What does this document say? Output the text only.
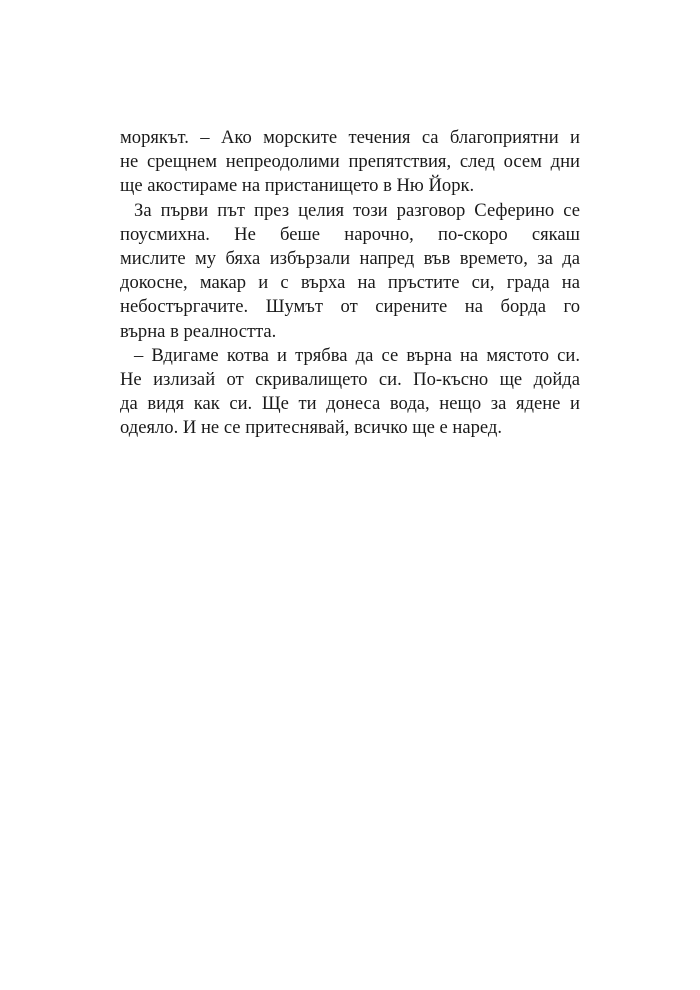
морякът. – Ако морските течения са благоприятни и
не срещнем непреодолими препятствия, след осем дни
ще акостираме на пристанището в Ню Йорк.
За първи път през целия този разговор Сеферино се
поусмихна. Не беше нарочно, по-скоро сякаш
мислите му бяха избързали напред във времето, за да
докосне, макар и с върха на пръстите си, града на
небостъргачите. Шумът от сирените на борда го
върна в реалността.
– Вдигаме котва и трябва да се върна на мястото си.
Не излизай от скривалището си. По-късно ще дойда
да видя как си. Ще ти донеса вода, нещо за ядене и
одеяло. И не се притеснявай, всичко ще е наред.
